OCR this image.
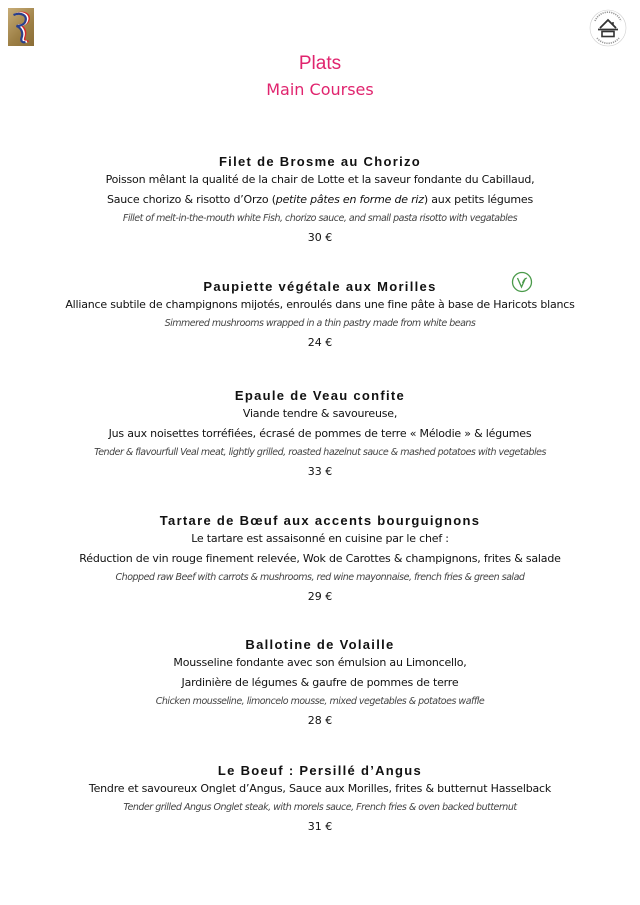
Plats
Main Courses
Filet de Brosme au Chorizo
Poisson mêlant la qualité de la chair de Lotte et la saveur fondante du Cabillaud,
Sauce chorizo & risotto d’Orzo (petite pâtes en forme de riz) aux petits légumes
Fillet of melt-in-the-mouth white Fish, chorizo sauce, and small pasta risotto with vegatables
30 €
Paupiette végétale aux Morilles
Alliance subtile de champignons mijotés, enroulés dans une fine pâte à base de Haricots blancs
Simmered mushrooms wrapped in a thin pastry made from white beans
24 €
Epaule de Veau confite
Viande tendre & savoureuse,
Jus aux noisettes torréfiées, écrasé de pommes de terre « Mélodie » & légumes
Tender & flavourfull Veal meat, lightly grilled, roasted hazelnut sauce & mashed potatoes with vegetables
33 €
Tartare de Bœuf aux accents bourguignons
Le tartare est assaisonné en cuisine par le chef :
Réduction de vin rouge finement relevée, Wok de Carottes & champignons, frites & salade
Chopped raw Beef with carrots & mushrooms, red wine mayonnaise, french fries & green salad
29 €
Ballotine de Volaille
Mousseline fondante avec son émulsion au Limoncello,
Jardinière de légumes & gaufre de pommes de terre
Chicken mousseline, limoncelo mousse, mixed vegetables & potatoes waffle
28 €
Le Boeuf : Persillé d’Angus
Tendre et savoureux Onglet d’Angus, Sauce aux Morilles, frites & butternut Hasselback
Tender grilled Angus Onglet steak, with morels sauce, French fries & oven backed butternut
31 €
